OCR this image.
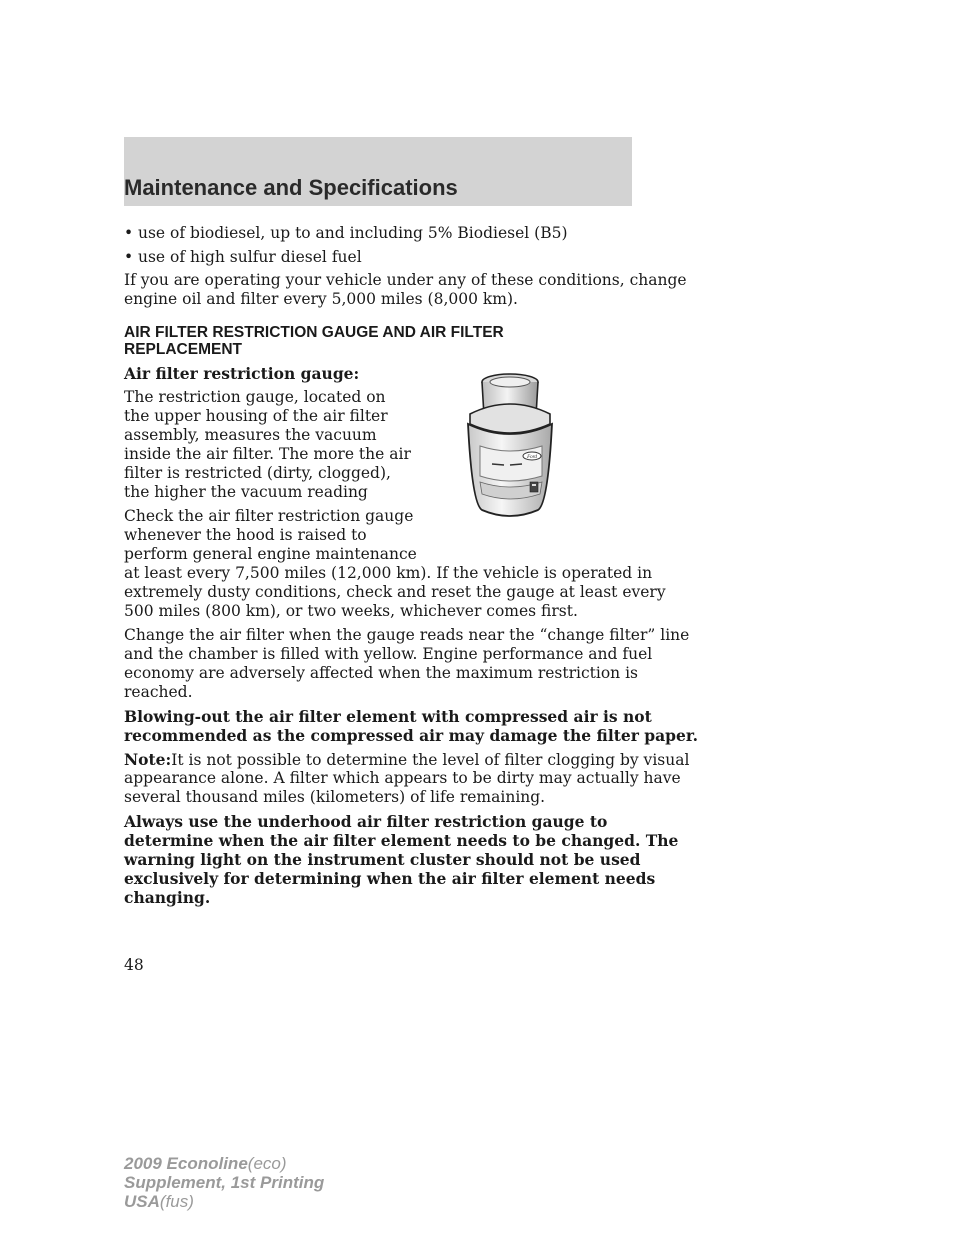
Maintenance and Specifications
• use of biodiesel, up to and including 5% Biodiesel (B5)
• use of high sulfur diesel fuel
If you are operating your vehicle under any of these conditions, change
engine oil and filter every 5,000 miles (8,000 km).
AIR FILTER RESTRICTION GAUGE AND AIR FILTER
REPLACEMENT
Air filter restriction gauge:
The restriction gauge, located on
the upper housing of the air filter
assembly, measures the vacuum
inside the air filter. The more the air
filter is restricted (dirty, clogged),
the higher the vacuum reading
Check the air filter restriction gauge
whenever the hood is raised to
perform general engine maintenance
at least every 7,500 miles (12,000 km). If the vehicle is operated in
extremely dusty conditions, check and reset the gauge at least every
500 miles (800 km), or two weeks, whichever comes first.
Change the air filter when the gauge reads near the “change filter” line
and the chamber is filled with yellow. Engine performance and fuel
economy are adversely affected when the maximum restriction is
reached.
Blowing-out the air filter element with compressed air is not
recommended as the compressed air may damage the filter paper.
Note:It is not possible to determine the level of filter clogging by visual
appearance alone. A filter which appears to be dirty may actually have
several thousand miles (kilometers) of life remaining.
Always use the underhood air filter restriction gauge to
determine when the air filter element needs to be changed. The
warning light on the instrument cluster should not be used
exclusively for determining when the air filter element needs
changing.
48
2009 Econoline(eco)
Supplement, 1st Printing
USA(fus)
Ford
